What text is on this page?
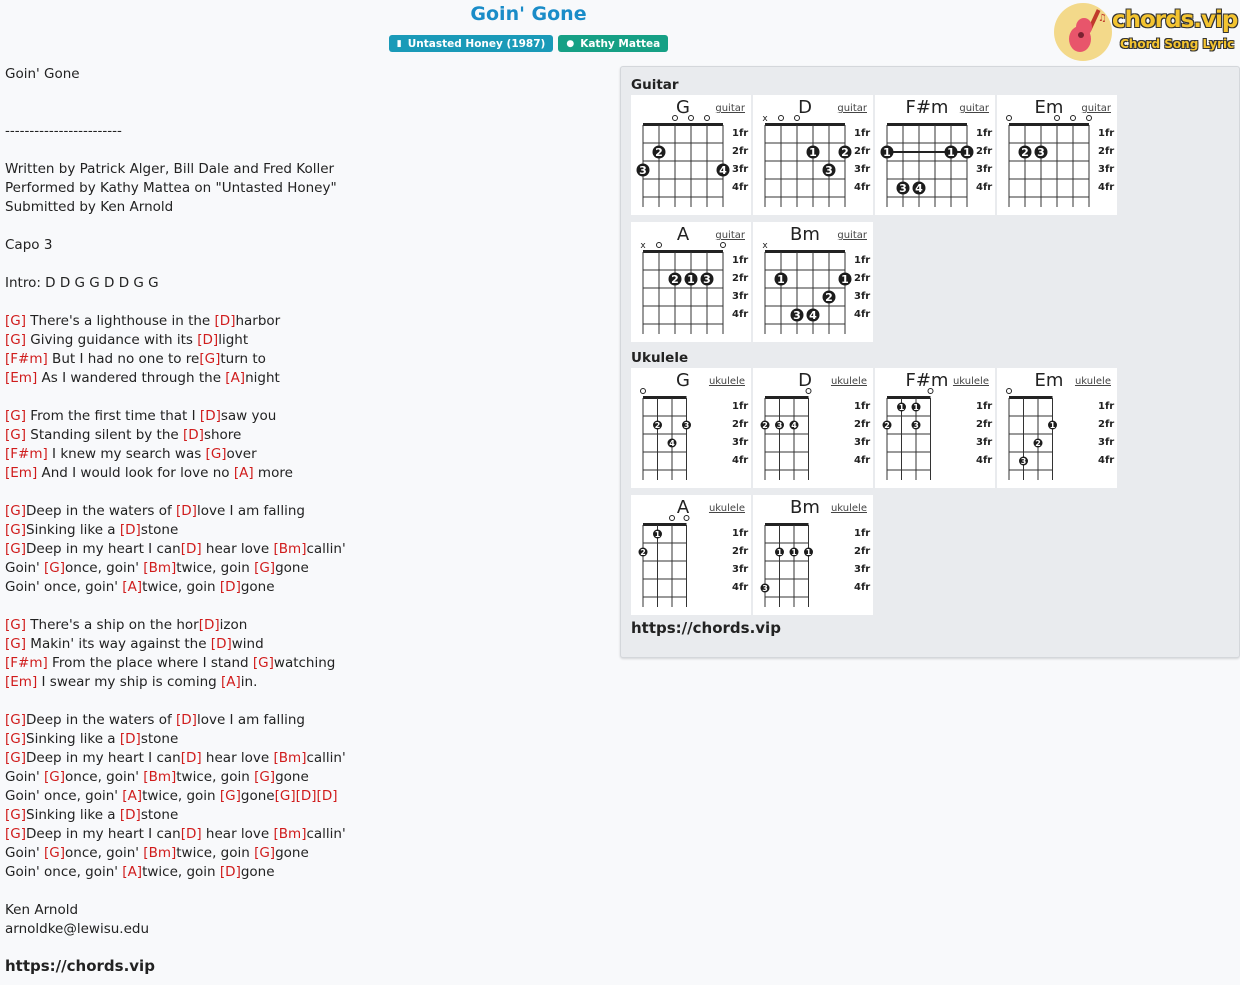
Goin' Gone
▮ Untasted Honey (1987) ● Kathy Mattea
♫ chords.vip
Chord Song Lyric
Goin' Gone
------------------------
Written by Patrick Alger, Bill Dale and Fred Koller
Performed by Kathy Mattea on "Untasted Honey"
Submitted by Ken Arnold
Capo 3
Intro: D D G G D D G G
[G] There's a lighthouse in the [D]harbor
[G] Giving guidance with its [D]light
[F#m] But I had no one to re[G]turn to
[Em] As I wandered through the [A]night
[G] From the first time that I [D]saw you
[G] Standing silent by the [D]shore
[F#m] I knew my search was [G]over
[Em] And I would look for love no [A] more
[G]Deep in the waters of [D]love I am falling
[G]Sinking like a [D]stone
[G]Deep in my heart I can[D] hear love [Bm]callin'
Goin' [G]once, goin' [Bm]twice, goin [G]gone
Goin' once, goin' [A]twice, goin [D]gone
[G] There's a ship on the hor[D]izon
[G] Makin' its way against the [D]wind
[F#m] From the place where I stand [G]watching
[Em] I swear my ship is coming [A]in.
[G]Deep in the waters of [D]love I am falling
[G]Sinking like a [D]stone
[G]Deep in my heart I can[D] hear love [Bm]callin'
Goin' [G]once, goin' [Bm]twice, goin [G]gone
Goin' once, goin' [A]twice, goin [G]gone[G][D][D]
[G]Sinking like a [D]stone
[G]Deep in my heart I can[D] hear love [Bm]callin'
Goin' [G]once, goin' [Bm]twice, goin [G]gone
Goin' once, goin' [A]twice, goin [D]gone
Ken Arnold
arnoldke@lewisu.edu
https://chords.vip
Guitar
G	guitar
1fr
2fr
3fr
4fr
3
2
4
D	guitar
1fr
2fr
3fr
4fr
x
1
3
2
F#m guitar
1fr
2fr
3fr
4fr
1	1 1
3 4
Em guitar
1fr
2fr
3fr
4fr
2 3
A	guitar
1fr
2fr
3fr
4fr
x
2 1 3
Bm guitar
1fr
2fr
3fr
4fr
x
1	1
2
3 4
Ukulele
G ukulele
1fr
2fr
3fr
4fr
2	3
4
D ukulele
1fr
2fr
3fr
4fr
2 3 4
F#m ukulele
1fr
2fr
3fr
4fr
1 1
2	3
Em ukulele
1fr
2fr
3fr
4fr
1
2
3
A ukulele
1fr
2fr
3fr
4fr
1
2
Bm ukulele
1fr
2fr
3fr
4fr
1 1 1
3
https://chords.vip
